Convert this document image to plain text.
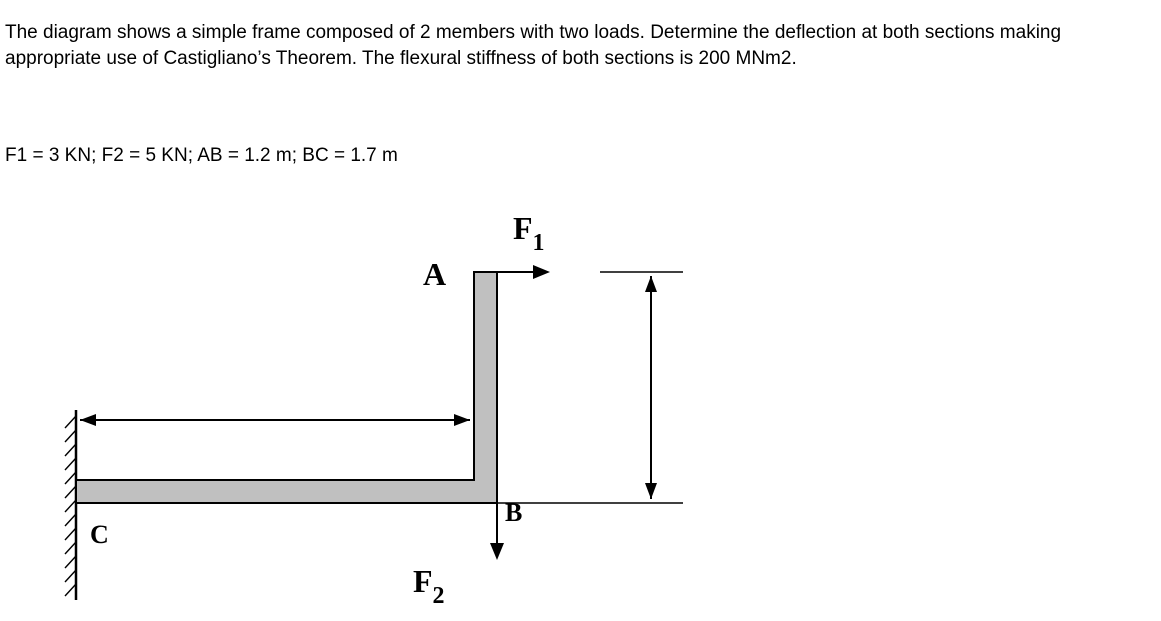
The diagram shows a simple frame composed of 2 members with two loads. Determine the deflection at both sections making appropriate use of Castigliano’s Theorem. The flexural stiffness of both sections is 200 MNm2.
F1 = 3 KN; F2 = 5 KN; AB = 1.2 m; BC = 1.7 m
A
B
C
F1
F2
